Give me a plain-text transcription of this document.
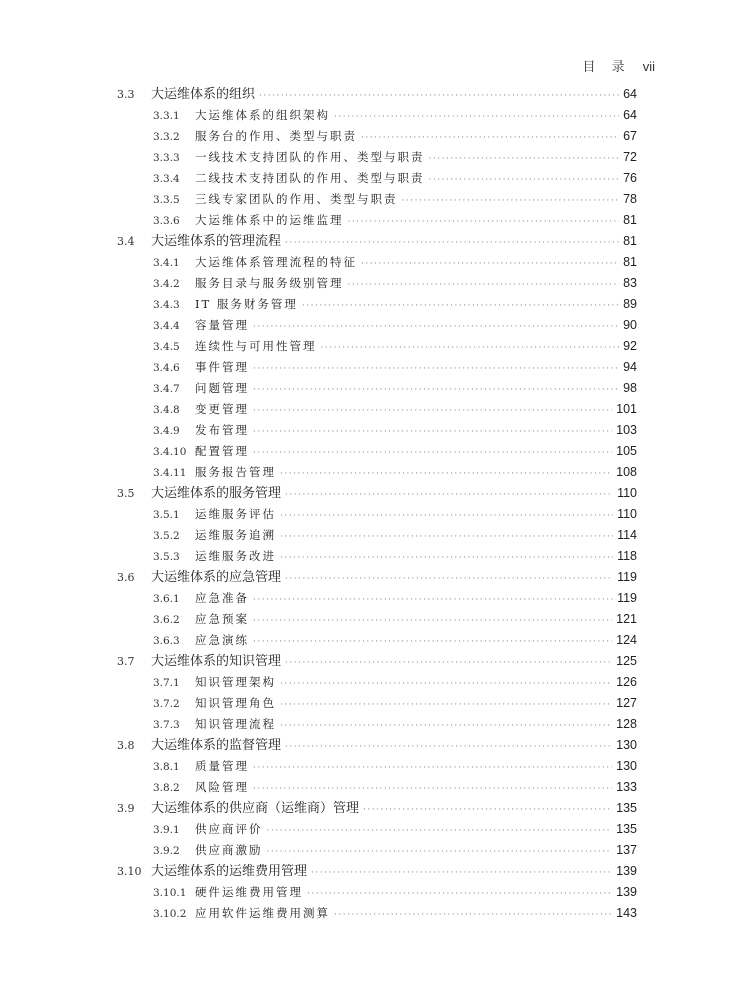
目 录 vii
3.3	大运维体系的组织 ·····	64
3.3.1	大运维体系的组织架构 ·····	64
3.3.2	服务台的作用、类型与职责 ·····	67
3.3.3	一线技术支持团队的作用、类型与职责 ·····	72
3.3.4	二线技术支持团队的作用、类型与职责 ·····	76
3.3.5	三线专家团队的作用、类型与职责 ·····	78
3.3.6	大运维体系中的运维监理 ·····	81
3.4	大运维体系的管理流程 ·····	81
3.4.1	大运维体系管理流程的特征 ·····	81
3.4.2	服务目录与服务级别管理 ·····	83
3.4.3	IT 服务财务管理 ·····	89
3.4.4	容量管理 ·····	90
3.4.5	连续性与可用性管理 ·····	92
3.4.6	事件管理 ·····	94
3.4.7	问题管理 ·····	98
3.4.8	变更管理 ·····	101
3.4.9	发布管理 ·····	103
3.4.10 配置管理 ·····	105
3.4.11 服务报告管理 ·····	108
3.5	大运维体系的服务管理 ·····	110
3.5.1	运维服务评估 ·····	110
3.5.2	运维服务追溯 ·····	114
3.5.3	运维服务改进 ·····	118
3.6	大运维体系的应急管理 ·····	119
3.6.1	应急准备 ·····	119
3.6.2	应急预案 ·····	121
3.6.3	应急演练 ·····	124
3.7	大运维体系的知识管理 ·····	125
3.7.1	知识管理架构 ·····	126
3.7.2	知识管理角色 ·····	127
3.7.3	知识管理流程 ·····	128
3.8	大运维体系的监督管理 ·····	130
3.8.1	质量管理 ·····	130
3.8.2	风险管理 ·····	133
3.9	大运维体系的供应商（运维商）管理 ·····	135
3.9.1	供应商评价 ·····	135
3.9.2	供应商激励 ·····	137
3.10 大运维体系的运维费用管理 ·····	139
3.10.1 硬件运维费用管理 ·····	139
3.10.2 应用软件运维费用测算 ·····	143
